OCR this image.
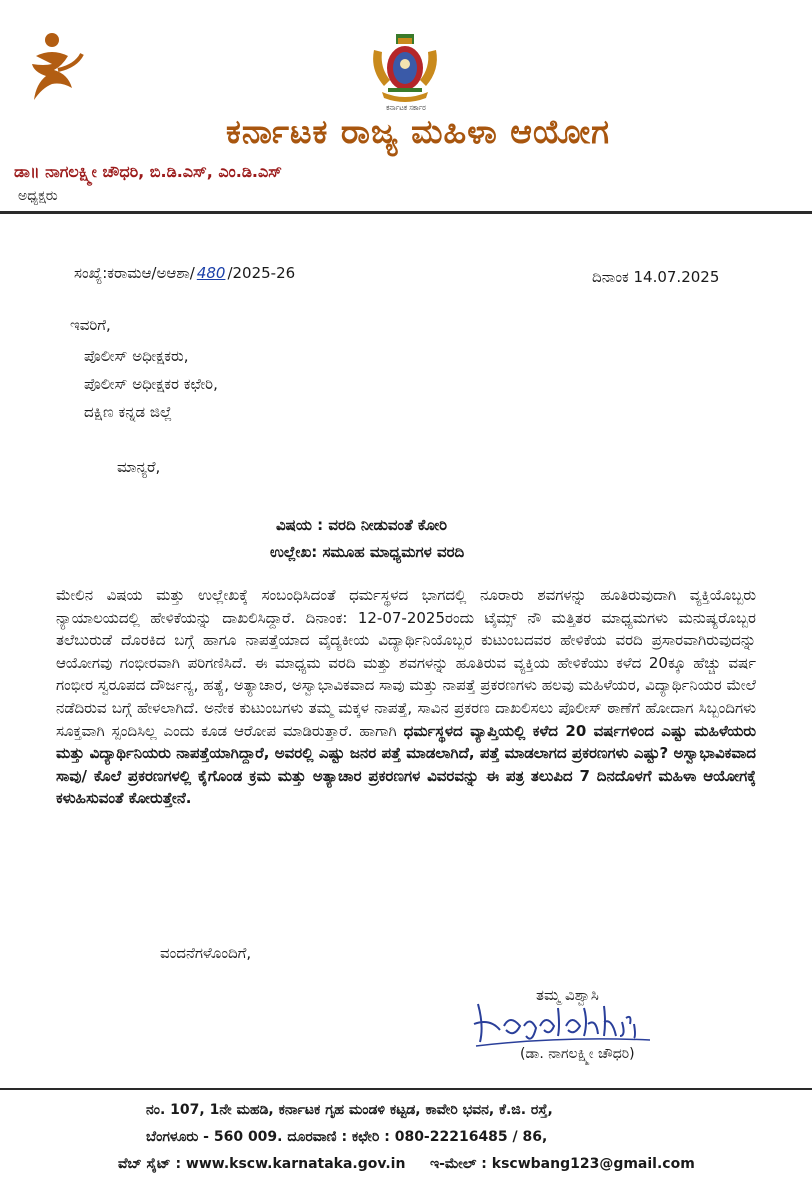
ಕರ್ನಾಟಕ ಸರ್ಕಾರ
ಕರ್ನಾಟಕ ರಾಜ್ಯ ಮಹಿಳಾ ಆಯೋಗ
ಡಾ॥ ನಾಗಲಕ್ಷ್ಮೀ ಚೌಧರಿ, ಬಿ.ಡಿ.ಎಸ್, ಎಂ.ಡಿ.ಎಸ್
ಅಧ್ಯಕ್ಷರು
ಸಂಖ್ಯೆ:ಕರಾಮಆ/ಅಆಶಾ/ 480 /2025-26	ದಿನಾಂಕ 14.07.2025
ಇವರಿಗೆ,
ಪೊಲೀಸ್ ಅಧೀಕ್ಷಕರು,
ಪೊಲೀಸ್ ಅಧೀಕ್ಷಕರ ಕಛೇರಿ,
ದಕ್ಷಿಣ ಕನ್ನಡ ಜಿಲ್ಲೆ
ಮಾನ್ಯರೆ,
ವಿಷಯ : ವರದಿ ನೀಡುವಂತೆ ಕೋರಿ
ಉಲ್ಲೇಖ: ಸಮೂಹ ಮಾಧ್ಯಮಗಳ ವರದಿ
ಮೇಲಿನ ವಿಷಯ ಮತ್ತು ಉಲ್ಲೇಖಕ್ಕೆ ಸಂಬಂಧಿಸಿದಂತೆ ಧರ್ಮಸ್ಥಳದ ಭಾಗದಲ್ಲಿ ನೂರಾರು ಶವಗಳನ್ನು ಹೂತಿರುವುದಾಗಿ ವ್ಯಕ್ತಿಯೊಬ್ಬರು ನ್ಯಾಯಾಲಯದಲ್ಲಿ ಹೇಳಿಕೆಯನ್ನು ದಾಖಲಿಸಿದ್ದಾರೆ. ದಿನಾಂಕ: 12-07-2025ರಂದು ಟೈಮ್ಸ್ ನೌ ಮತ್ತಿತರ ಮಾಧ್ಯಮಗಳು ಮನುಷ್ಯರೊಬ್ಬರ ತಲೆಬುರುಡೆ ದೊರಕಿದ ಬಗ್ಗೆ ಹಾಗೂ ನಾಪತ್ತೆಯಾದ ವೈದ್ಯಕೀಯ ವಿದ್ಯಾರ್ಥಿನಿಯೊಬ್ಬರ ಕುಟುಂಬದವರ ಹೇಳಿಕೆಯ ವರದಿ ಪ್ರಸಾರವಾಗಿರುವುದನ್ನು ಆಯೋಗವು ಗಂಭೀರವಾಗಿ ಪರಿಗಣಿಸಿದೆ. ಈ ಮಾಧ್ಯಮ ವರದಿ ಮತ್ತು ಶವಗಳನ್ನು ಹೂತಿರುವ ವ್ಯಕ್ತಿಯ ಹೇಳಿಕೆಯು ಕಳೆದ 20ಕ್ಕೂ ಹೆಚ್ಚು ವರ್ಷ ಗಂಭೀರ ಸ್ವರೂಪದ ದೌರ್ಜನ್ಯ, ಹತ್ಯೆ, ಅತ್ಯಾಚಾರ, ಅಸ್ವಾಭಾವಿಕವಾದ ಸಾವು ಮತ್ತು ನಾಪತ್ತೆ ಪ್ರಕರಣಗಳು ಹಲವು ಮಹಿಳೆಯರ, ವಿದ್ಯಾರ್ಥಿನಿಯರ ಮೇಲೆ ನಡೆದಿರುವ ಬಗ್ಗೆ ಹೇಳಲಾಗಿದೆ. ಅನೇಕ ಕುಟುಂಬಗಳು ತಮ್ಮ ಮಕ್ಕಳ ನಾಪತ್ತೆ, ಸಾವಿನ ಪ್ರಕರಣ ದಾಖಲಿಸಲು ಪೊಲೀಸ್ ಠಾಣೆಗೆ ಹೋದಾಗ ಸಿಬ್ಬಂದಿಗಳು ಸೂಕ್ತವಾಗಿ ಸ್ಪಂದಿಸಿಲ್ಲ ಎಂದು ಕೂಡ ಆರೋಪ ಮಾಡಿರುತ್ತಾರೆ. ಹಾಗಾಗಿ ಧರ್ಮಸ್ಥಳದ ವ್ಯಾಪ್ತಿಯಲ್ಲಿ ಕಳೆದ 20 ವರ್ಷಗಳಿಂದ ಎಷ್ಟು ಮಹಿಳೆಯರು ಮತ್ತು ವಿದ್ಯಾರ್ಥಿನಿಯರು ನಾಪತ್ತೆಯಾಗಿದ್ದಾರೆ, ಅವರಲ್ಲಿ ಎಷ್ಟು ಜನರ ಪತ್ತೆ ಮಾಡಲಾಗಿದೆ, ಪತ್ತೆ ಮಾಡಲಾಗದ ಪ್ರಕರಣಗಳು ಎಷ್ಟು? ಅಸ್ವಾಭಾವಿಕವಾದ ಸಾವು/ ಕೊಲೆ ಪ್ರಕರಣಗಳಲ್ಲಿ ಕೈಗೊಂಡ ಕ್ರಮ ಮತ್ತು ಅತ್ಯಾಚಾರ ಪ್ರಕರಣಗಳ ವಿವರವನ್ನು ಈ ಪತ್ರ ತಲುಪಿದ 7 ದಿನದೊಳಗೆ ಮಹಿಳಾ ಆಯೋಗಕ್ಕೆ ಕಳುಹಿಸುವಂತೆ ಕೋರುತ್ತೇನೆ.
ವಂದನೆಗಳೊಂದಿಗೆ,
ತಮ್ಮ ವಿಶ್ವಾಸಿ
(ಡಾ. ನಾಗಲಕ್ಷ್ಮೀ ಚೌಧರಿ)
ನಂ. 107, 1ನೇ ಮಹಡಿ, ಕರ್ನಾಟಕ ಗೃಹ ಮಂಡಳಿ ಕಟ್ಟಡ, ಕಾವೇರಿ ಭವನ, ಕೆ.ಜಿ. ರಸ್ತೆ,
ಬೆಂಗಳೂರು - 560 009. ದೂರವಾಣಿ : ಕಛೇರಿ : 080-22216485 / 86,
ವೆಬ್ ಸೈಟ್ : www.kscw.karnataka.gov.in ಇ-ಮೇಲ್ : kscwbang123@gmail.com
